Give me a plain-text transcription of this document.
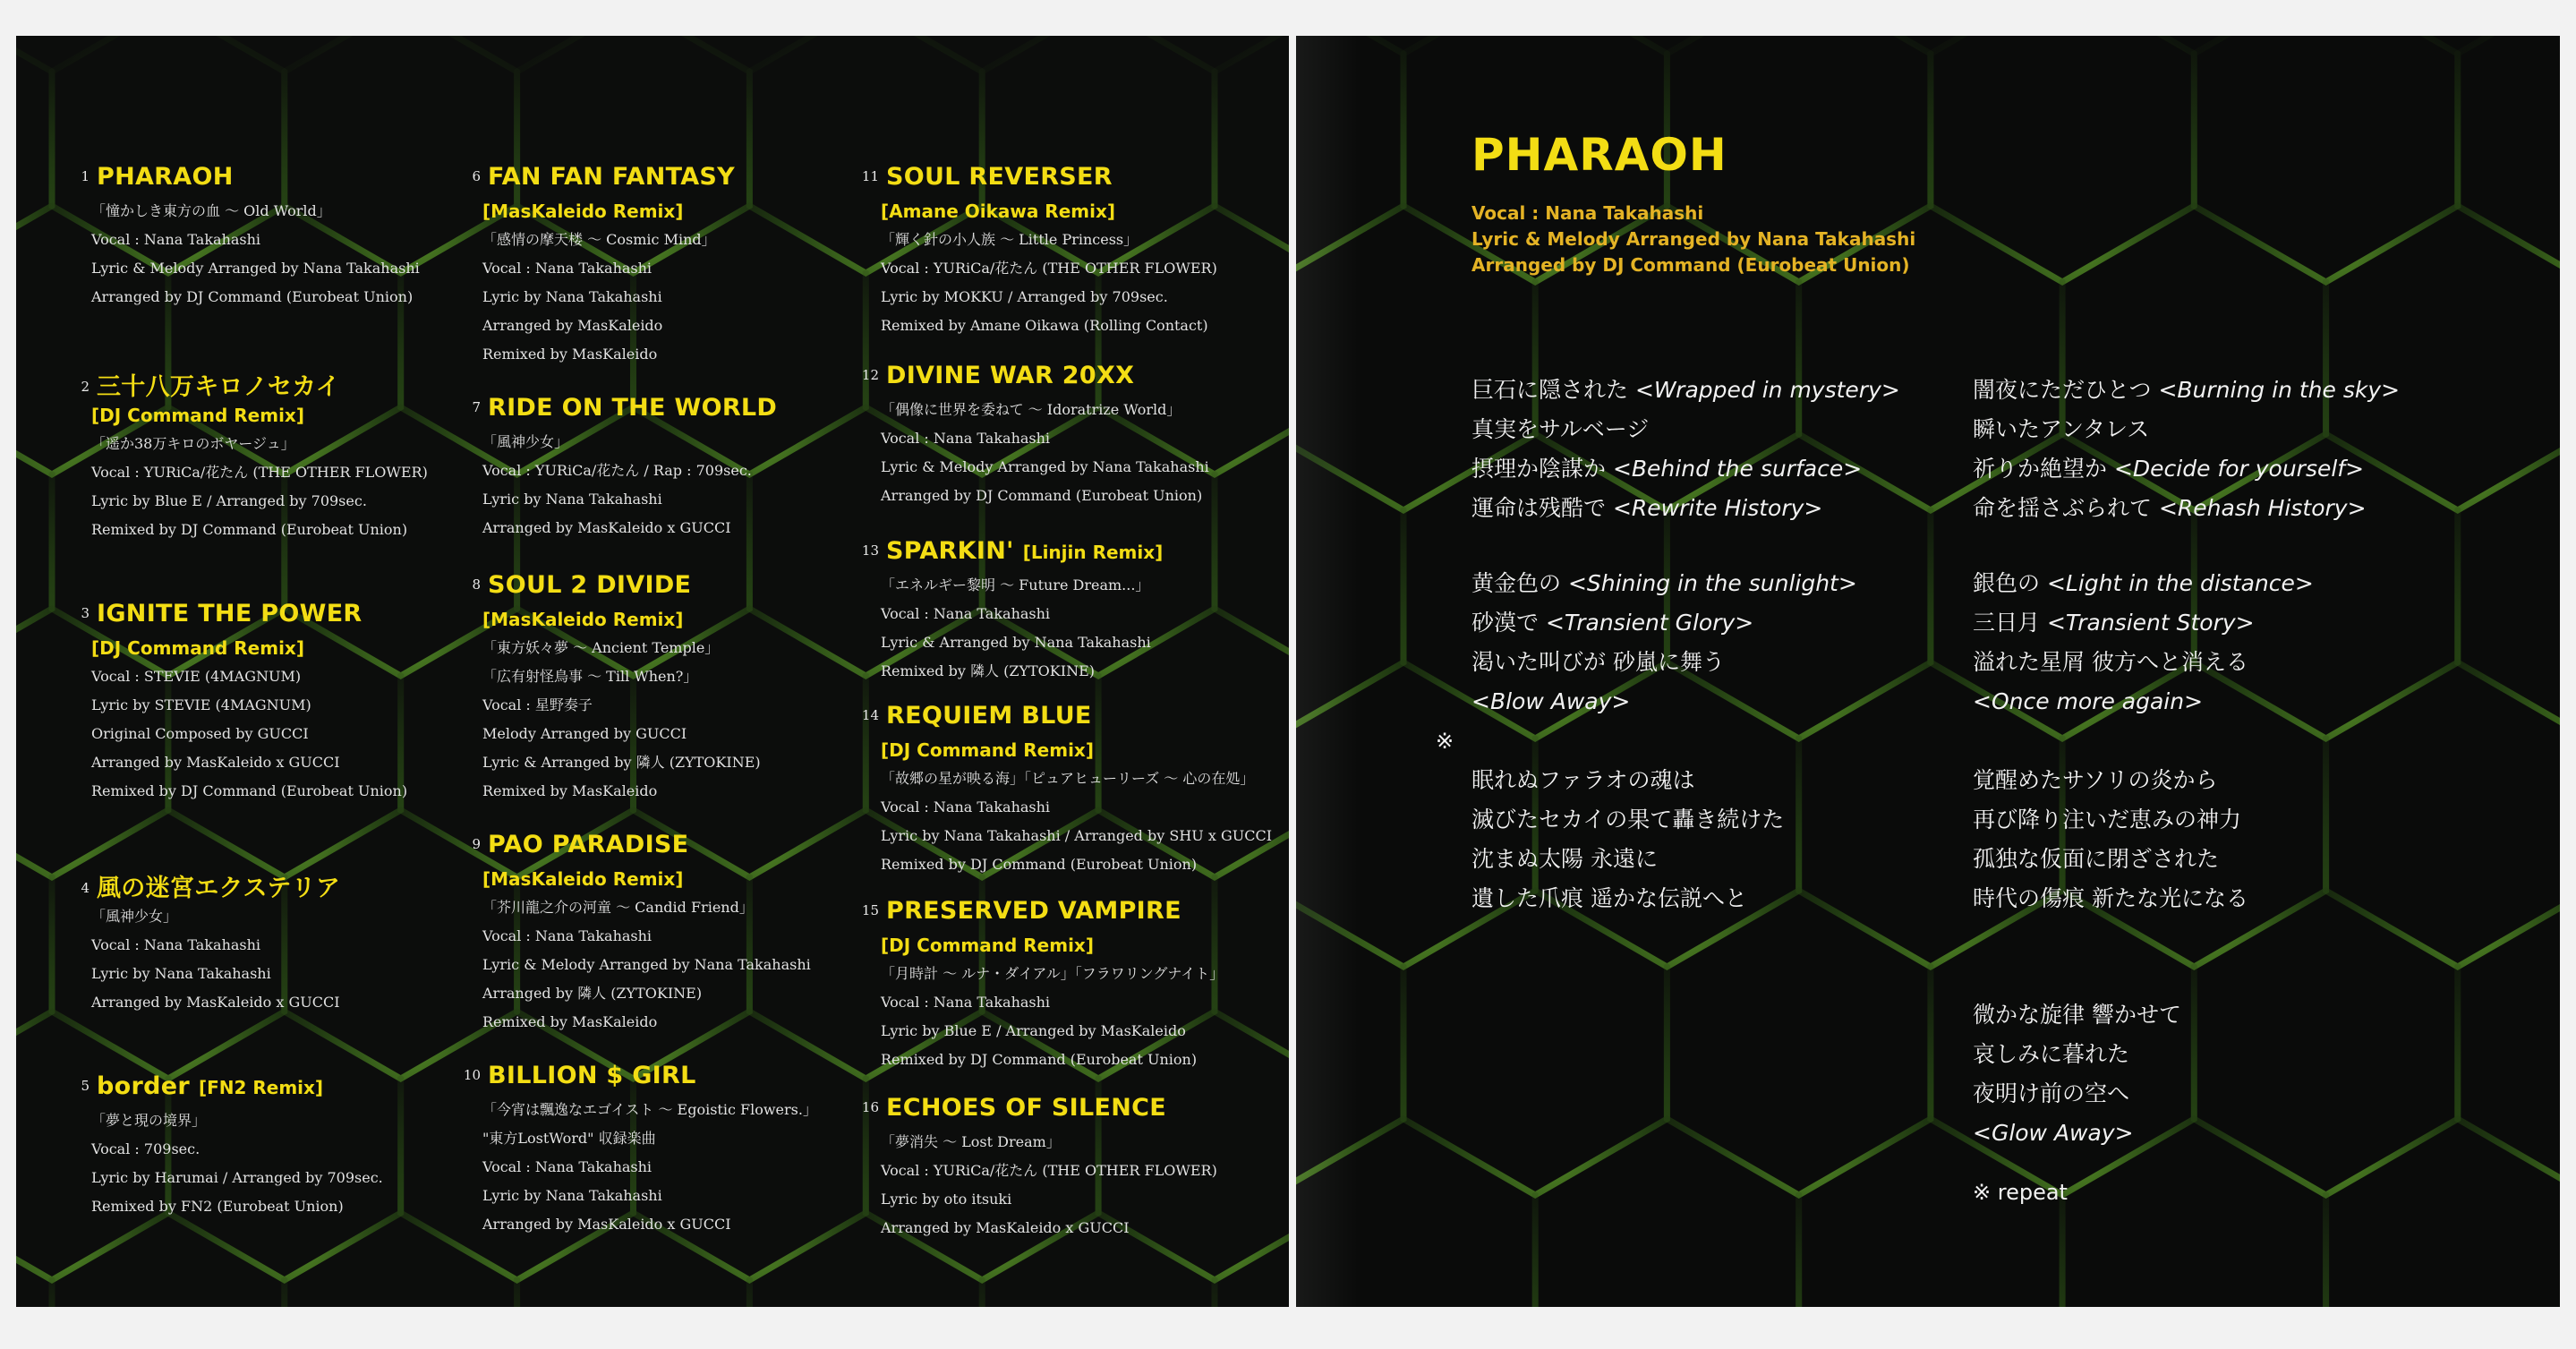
1 PHARAOH
「憧かしき東方の血 〜 Old World」
Vocal : Nana Takahashi
Lyric & Melody Arranged by Nana Takahashi
Arranged by DJ Command (Eurobeat Union)
2 三十八万キロノセカイ
[DJ Command Remix]
「遥か38万キロのボヤージュ」
Vocal : YURiCa/花たん (THE OTHER FLOWER)
Lyric by Blue E / Arranged by 709sec.
Remixed by DJ Command (Eurobeat Union)
3 IGNITE THE POWER
[DJ Command Remix]
Vocal : STEVIE (4MAGNUM)
Lyric by STEVIE (4MAGNUM)
Original Composed by GUCCI
Arranged by MasKaleido x GUCCI
Remixed by DJ Command (Eurobeat Union)
4 風の迷宮エクステリア
「風神少女」
Vocal : Nana Takahashi
Lyric by Nana Takahashi
Arranged by MasKaleido x GUCCI
5 border [FN2 Remix]
「夢と現の境界」
Vocal : 709sec.
Lyric by Harumai / Arranged by 709sec.
Remixed by FN2 (Eurobeat Union)
6 FAN FAN FANTASY
[MasKaleido Remix]
「感情の摩天楼 〜 Cosmic Mind」
Vocal : Nana Takahashi
Lyric by Nana Takahashi
Arranged by MasKaleido
Remixed by MasKaleido
7 RIDE ON THE WORLD
「風神少女」
Vocal : YURiCa/花たん / Rap : 709sec.
Lyric by Nana Takahashi
Arranged by MasKaleido x GUCCI
8 SOUL 2 DIVIDE
[MasKaleido Remix]
「東方妖々夢 〜 Ancient Temple」
「広有射怪鳥事 〜 Till When?」
Vocal : 星野奏子
Melody Arranged by GUCCI
Lyric & Arranged by 隣人 (ZYTOKINE)
Remixed by MasKaleido
9 PAO PARADISE
[MasKaleido Remix]
「芥川龍之介の河童 〜 Candid Friend」
Vocal : Nana Takahashi
Lyric & Melody Arranged by Nana Takahashi
Arranged by 隣人 (ZYTOKINE)
Remixed by MasKaleido
10 BILLION $ GIRL
「今宵は飄逸なエゴイスト 〜 Egoistic Flowers.」
"東方LostWord" 収録楽曲
Vocal : Nana Takahashi
Lyric by Nana Takahashi
Arranged by MasKaleido x GUCCI
11 SOUL REVERSER
[Amane Oikawa Remix]
「輝く針の小人族 〜 Little Princess」
Vocal : YURiCa/花たん (THE OTHER FLOWER)
Lyric by MOKKU / Arranged by 709sec.
Remixed by Amane Oikawa (Rolling Contact)
12 DIVINE WAR 20XX
「偶像に世界を委ねて 〜 Idoratrize World」
Vocal : Nana Takahashi
Lyric & Melody Arranged by Nana Takahashi
Arranged by DJ Command (Eurobeat Union)
13 SPARKIN' [Linjin Remix]
「エネルギー黎明 〜 Future Dream...」
Vocal : Nana Takahashi
Lyric & Arranged by Nana Takahashi
Remixed by 隣人 (ZYTOKINE)
14 REQUIEM BLUE
[DJ Command Remix]
「故郷の星が映る海」「ピュアヒューリーズ 〜 心の在処」
Vocal : Nana Takahashi
Lyric by Nana Takahashi / Arranged by SHU x GUCCI
Remixed by DJ Command (Eurobeat Union)
15 PRESERVED VAMPIRE
[DJ Command Remix]
「月時計 〜 ルナ・ダイアル」「フラワリングナイト」
Vocal : Nana Takahashi
Lyric by Blue E / Arranged by MasKaleido
Remixed by DJ Command (Eurobeat Union)
16 ECHOES OF SILENCE
「夢消失 〜 Lost Dream」
Vocal : YURiCa/花たん (THE OTHER FLOWER)
Lyric by oto itsuki
Arranged by MasKaleido x GUCCI
PHARAOH
Vocal : Nana Takahashi
Lyric & Melody Arranged by Nana Takahashi
Arranged by DJ Command (Eurobeat Union)
※
※ repeat
巨石に隠された <Wrapped in mystery>
真実をサルベージ
摂理か陰謀か <Behind the surface>
運命は残酷で <Rewrite History>
黄金色の <Shining in the sunlight>
砂漠で <Transient Glory>
渇いた叫びが 砂嵐に舞う
<Blow Away>
眠れぬファラオの魂は
滅びたセカイの果て轟き続けた
沈まぬ太陽 永遠に
遺した爪痕 遥かな伝説へと
闇夜にただひとつ <Burning in the sky>
瞬いたアンタレス
祈りか絶望か <Decide for yourself>
命を揺さぶられて <Rehash History>
銀色の <Light in the distance>
三日月 <Transient Story>
溢れた星屑 彼方へと消える
<Once more again>
覚醒めたサソリの炎から
再び降り注いだ恵みの神力
孤独な仮面に閉ざされた
時代の傷痕 新たな光になる
微かな旋律 響かせて
哀しみに暮れた
夜明け前の空へ
<Glow Away>
